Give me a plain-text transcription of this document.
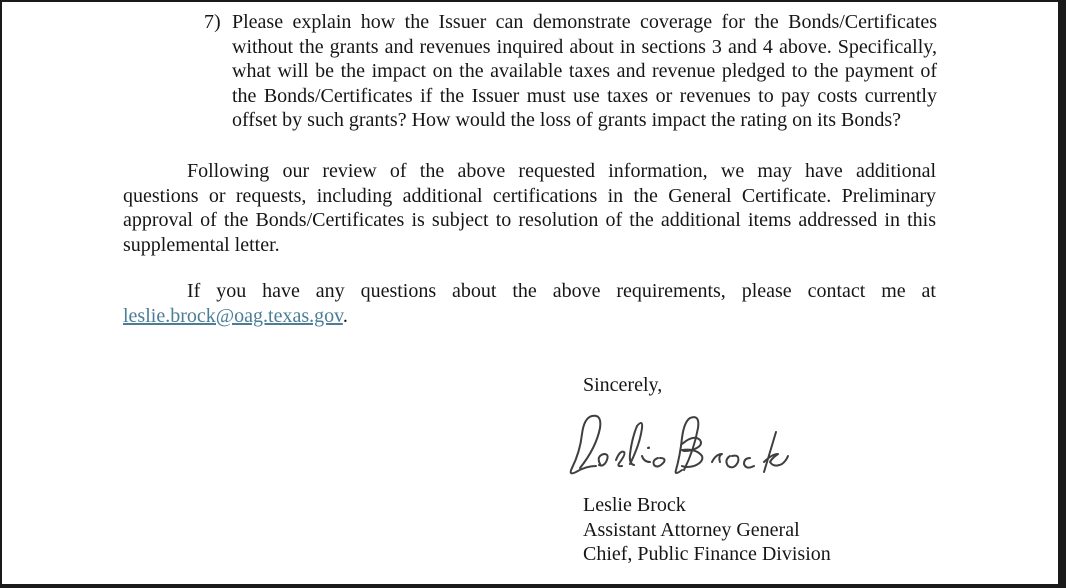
7) Please explain how the Issuer can demonstrate coverage for the Bonds/Certificates
without the grants and revenues inquired about in sections 3 and 4 above. Specifically,
what will be the impact on the available taxes and revenue pledged to the payment of
the Bonds/Certificates if the Issuer must use taxes or revenues to pay costs currently
offset by such grants? How would the loss of grants impact the rating on its Bonds?
Following our review of the above requested information, we may have additional
questions or requests, including additional certifications in the General Certificate. Preliminary
approval of the Bonds/Certificates is subject to resolution of the additional items addressed in this
supplemental letter.
If you have any questions about the above requirements, please contact me at
leslie.brock@oag.texas.gov.
Sincerely,
Leslie Brock
Assistant Attorney General
Chief, Public Finance Division
